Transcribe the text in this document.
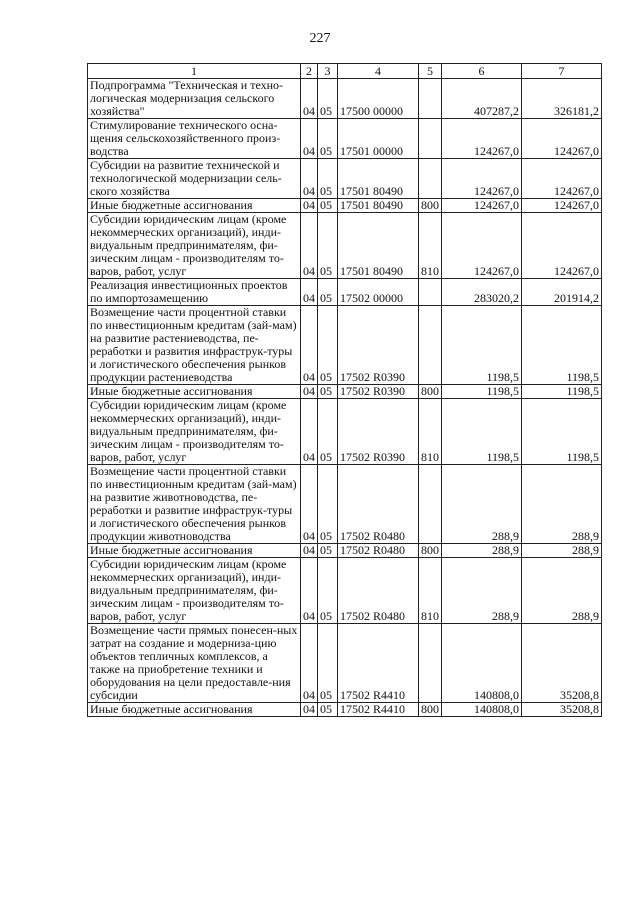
227
1	2	3	4	5	6	7
Подпрограмма "Техническая и техно-логическая модернизация сельского хозяйства"	04	05	17500 00000		407287,2	326181,2
Стимулирование технического осна-щения сельскохозяйственного произ-водства	04	05	17501 00000		124267,0	124267,0
Субсидии на развитие технической и технологической модернизации сель-ского хозяйства	04	05	17501 80490		124267,0	124267,0
Иные бюджетные ассигнования	04	05	17501 80490	800	124267,0	124267,0
Субсидии юридическим лицам (кроме некоммерческих организаций), инди-видуальным предпринимателям, фи-зическим лицам - производителям то-варов, работ, услуг	04	05	17501 80490	810	124267,0	124267,0
Реализация инвестиционных проектов по импортозамещению	04	05	17502 00000		283020,2	201914,2
Возмещение части процентной ставки по инвестиционным кредитам (зай-мам) на развитие растениеводства, пе-реработки и развития инфраструк-туры и логистического обеспечения рынков продукции растениеводства	04	05	17502 R0390		1198,5	1198,5
Иные бюджетные ассигнования	04	05	17502 R0390	800	1198,5	1198,5
Субсидии юридическим лицам (кроме некоммерческих организаций), инди-видуальным предпринимателям, фи-зическим лицам - производителям то-варов, работ, услуг	04	05	17502 R0390	810	1198,5	1198,5
Возмещение части процентной ставки по инвестиционным кредитам (зай-мам) на развитие животноводства, пе-реработки и развитие инфраструк-туры и логистического обеспечения рынков продукции животноводства	04	05	17502 R0480		288,9	288,9
Иные бюджетные ассигнования	04	05	17502 R0480	800	288,9	288,9
Субсидии юридическим лицам (кроме некоммерческих организаций), инди-видуальным предпринимателям, фи-зическим лицам - производителям то-варов, работ, услуг	04	05	17502 R0480	810	288,9	288,9
Возмещение части прямых понесен-ных затрат на создание и модерниза-цию объектов тепличных комплексов, а также на приобретение техники и оборудования на цели предоставле-ния субсидии	04	05	17502 R4410		140808,0	35208,8
Иные бюджетные ассигнования	04	05	17502 R4410	800	140808,0	35208,8
